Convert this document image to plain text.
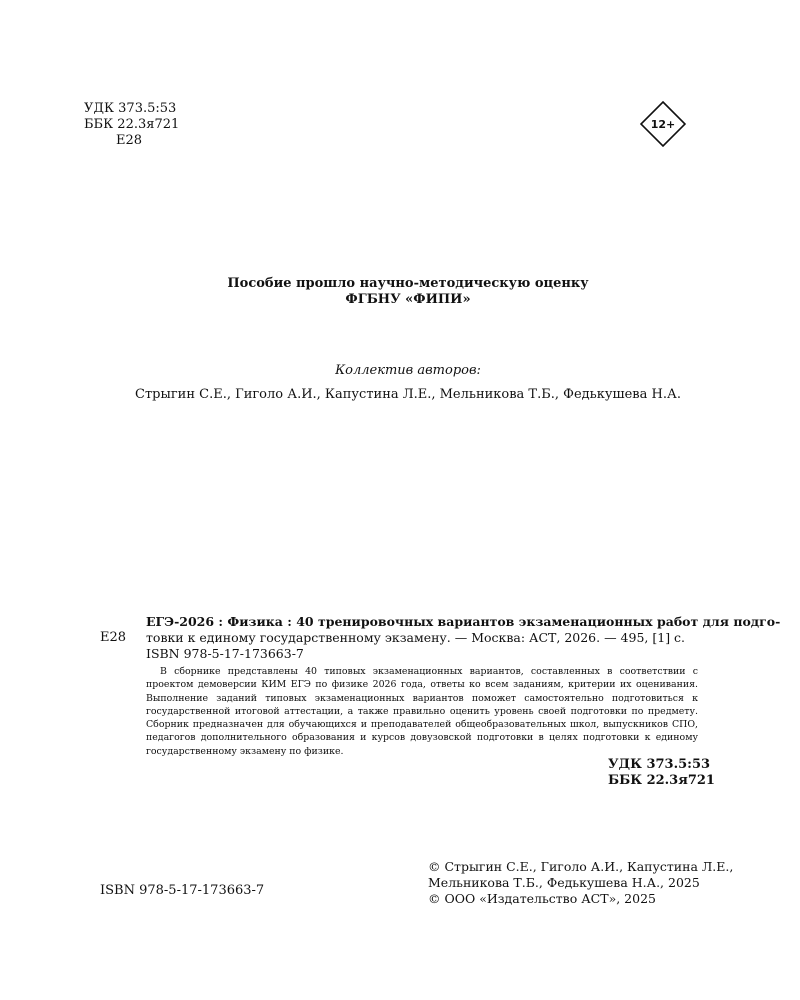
УДК 373.5:53
ББК 22.3я721
Е28
12+
Пособие прошло научно-методическую оценку
ФГБНУ «ФИПИ»
Коллектив авторов:
Стрыгин С.Е., Гиголо А.И., Капустина Л.Е., Мельникова Т.Б., Федькушева Н.А.
Е28
ЕГЭ-2026 : Физика : 40 тренировочных вариантов экзаменационных работ для подго-
товки к единому государственному экзамену. — Москва: АСТ, 2026. — 495, [1] с.
ISBN 978-5-17-173663-7
В сборнике представлены 40 типовых экзаменационных вариантов, составленных в соответствии с проектом демоверсии КИМ ЕГЭ по физике 2026 года, ответы ко всем заданиям, критерии их оценивания. Выполнение заданий типовых экзаменационных вариантов поможет самостоятельно подготовиться к государственной итоговой аттестации, а также правильно оценить уровень своей подготовки по предмету. Сборник предназначен для обучающихся и преподавателей общеобразовательных школ, выпускников СПО, педагогов дополнительного образования и курсов довузовской подготовки в целях подготовки к единому государственному экзамену по физике.
УДК 373.5:53
ББК 22.3я721
ISBN 978-5-17-173663-7
© Стрыгин С.Е., Гиголо А.И., Капустина Л.Е.,
Мельникова Т.Б., Федькушева Н.А., 2025
© ООО «Издательство АСТ», 2025
